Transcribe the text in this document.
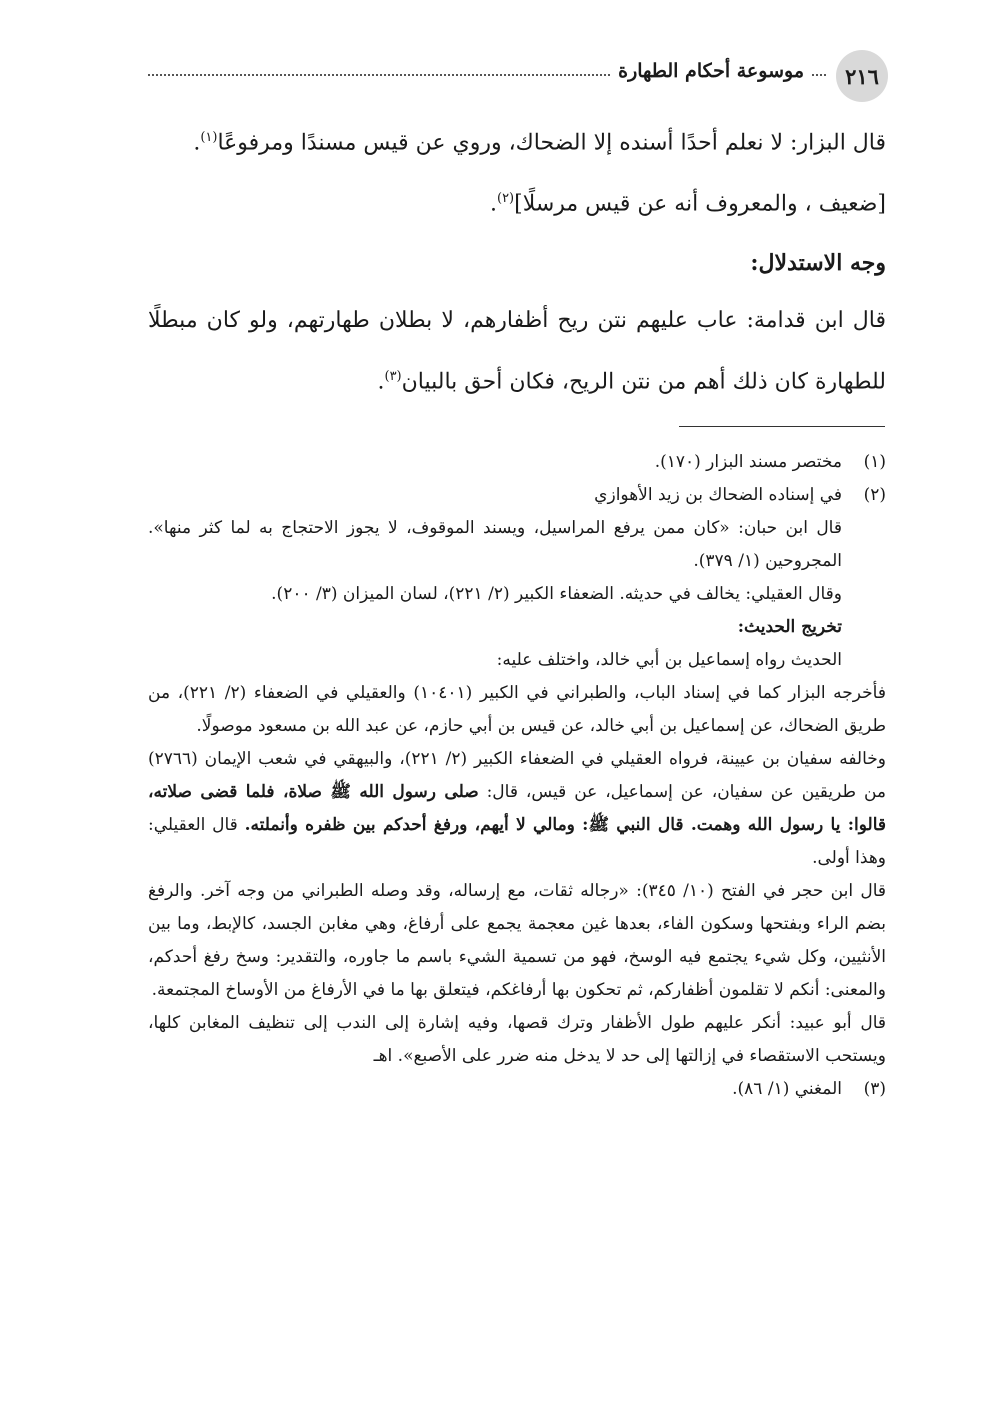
موسوعة أحكام الطهارة	٢١٦

قال البزار: لا نعلم أحدًا أسنده إلا الضحاك، وروي عن قيس مسندًا ومرفوعًا$^{(١)}$.

[ضعيف ، والمعروف أنه عن قيس مرسلًا]$^{(٢)}$.

وجه الاستدلال:

قال ابن قدامة: عاب عليهم نتن ريح أظفارهم، لا بطلان طهارتهم، ولو كان مبطلًا للطهارة كان ذلك أهم من نتن الريح، فكان أحق بالبيان$^{(٣)}$.

(١)
مختصر مسند البزار (١٧٠).

(٢)
في إسناده الضحاك بن زيد الأهوازي

قال ابن حبان: «كان ممن يرفع المراسيل، ويسند الموقوف، لا يجوز الاحتجاج به لما كثر منها». المجروحين (١/ ٣٧٩).

وقال العقيلي: يخالف في حديثه. الضعفاء الكبير (٢/ ٢٢١)، لسان الميزان (٣/ ٢٠٠).

تخريج الحديث:

الحديث رواه إسماعيل بن أبي خالد، واختلف عليه:

فأخرجه البزار كما في إسناد الباب، والطبراني في الكبير (١٠٤٠١) والعقيلي في الضعفاء (٢/ ٢٢١)، من طريق الضحاك، عن إسماعيل بن أبي خالد، عن قيس بن أبي حازم، عن عبد الله بن مسعود موصولًا.

وخالفه سفيان بن عيينة، فرواه العقيلي في الضعفاء الكبير (٢/ ٢٢١)، والبيهقي في شعب الإيمان (٢٧٦٦) من طريقين عن سفيان، عن إسماعيل، عن قيس، قال: صلى رسول الله ﷺ صلاة، فلما قضى صلاته، قالوا: يا رسول الله وهمت. قال النبي ﷺ: ومالي لا أيهم، ورفغ أحدكم بين ظفره وأنملته. قال العقيلي: وهذا أولى.

قال ابن حجر في الفتح (١٠/ ٣٤٥): «رجاله ثقات، مع إرساله، وقد وصله الطبراني من وجه آخر. والرفغ بضم الراء وبفتحها وسكون الفاء، بعدها غين معجمة يجمع على أرفاغ، وهي مغابن الجسد، كالإبط، وما بين الأنثيين، وكل شيء يجتمع فيه الوسخ، فهو من تسمية الشيء باسم ما جاوره، والتقدير: وسخ رفغ أحدكم، والمعنى: أنكم لا تقلمون أظفاركم، ثم تحكون بها أرفاغكم، فيتعلق بها ما في الأرفاغ من الأوساخ المجتمعة.

قال أبو عبيد: أنكر عليهم طول الأظفار وترك قصها، وفيه إشارة إلى الندب إلى تنظيف المغابن كلها، ويستحب الاستقصاء في إزالتها إلى حد لا يدخل منه ضرر على الأصبع». اهـ

(٣)
المغني (١/ ٨٦).
